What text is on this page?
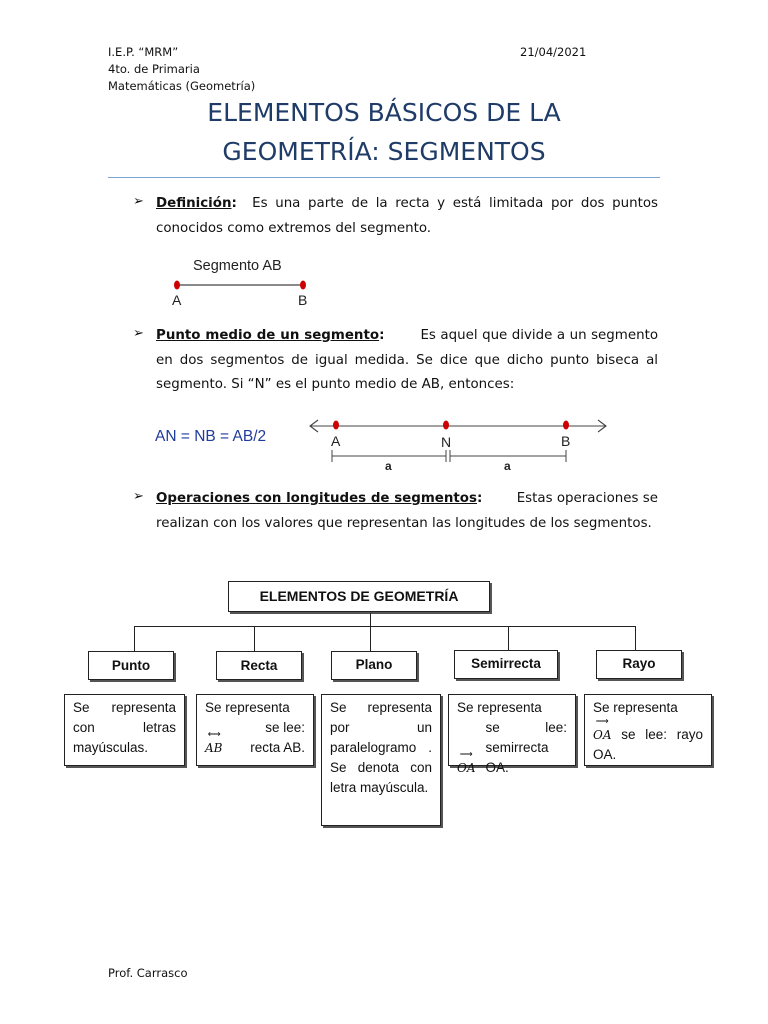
I.E.P. “MRM”
4to. de Primaria
Matemáticas (Geometría)
21/04/2021
ELEMENTOS BÁSICOS DE LA
GEOMETRÍA: SEGMENTOS
➢ Definición: Es una parte de la recta y está limitada por dos puntos conocidos como extremos del segmento.
Segmento AB
A	B
➢ Punto medio de un segmento:	Es aquel que divide a un segmento en dos segmentos de igual medida. Se dice que dicho punto biseca al segmento. Si “N” es el punto medio de AB, entonces:
AN = NB = AB/2	A	N	B
a	a
➢ Operaciones con longitudes de segmentos:	Estas operaciones se realizan con los valores que representan las longitudes de los segmentos.
ELEMENTOS DE GEOMETRÍA
Punto	Recta	Plano	Semirrecta	Rayo
Se representa con letras mayúsculas.
Se representa
⟷
AB
se lee: recta AB.
Se representa por un paralelogramo . Se denota con letra mayúscula.
Se representa
⟶
OA
se lee: semirrecta OA.
Se representa
⟶
OA se lee: rayo OA.
Prof. Carrasco
